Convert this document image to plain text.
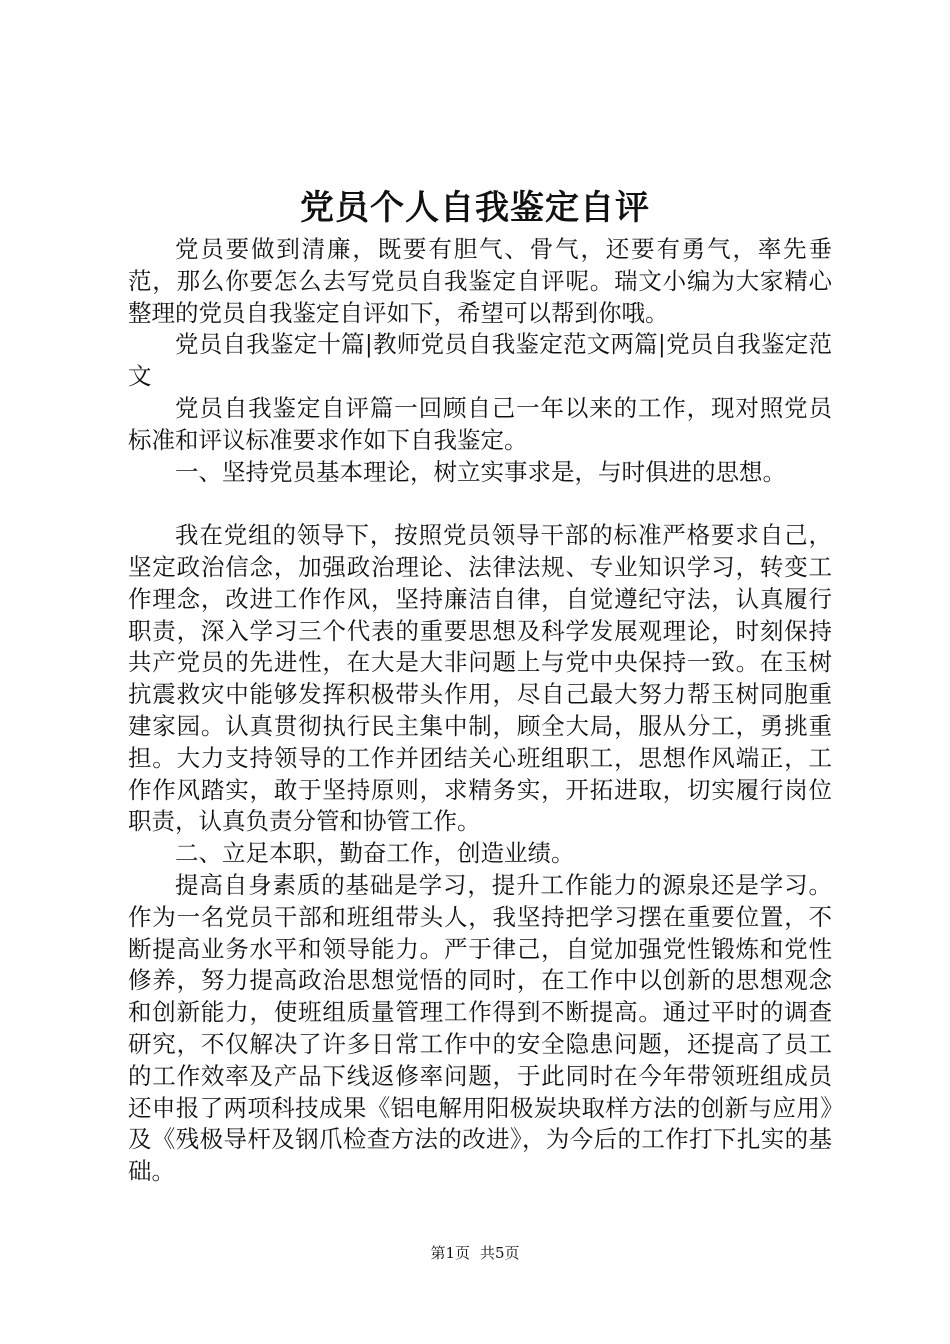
党员个人自我鉴定自评

党员要做到清廉，既要有胆气、骨气，还要有勇气，率先垂范，那么你要怎么去写党员自我鉴定自评呢。瑞文小编为大家精心整理的党员自我鉴定自评如下，希望可以帮到你哦。

党员自我鉴定十篇|教师党员自我鉴定范文两篇|党员自我鉴定范文

党员自我鉴定自评篇一回顾自己一年以来的工作，现对照党员标准和评议标准要求作如下自我鉴定。

一、坚持党员基本理论，树立实事求是，与时俱进的思想。

我在党组的领导下，按照党员领导干部的标准严格要求自己，坚定政治信念，加强政治理论、法律法规、专业知识学习，转变工作理念，改进工作作风，坚持廉洁自律，自觉遵纪守法，认真履行职责，深入学习三个代表的重要思想及科学发展观理论，时刻保持共产党员的先进性，在大是大非问题上与党中央保持一致。在玉树抗震救灾中能够发挥积极带头作用，尽自己最大努力帮玉树同胞重建家园。认真贯彻执行民主集中制，顾全大局，服从分工，勇挑重担。大力支持领导的工作并团结关心班组职工，思想作风端正，工作作风踏实，敢于坚持原则，求精务实，开拓进取，切实履行岗位职责，认真负责分管和协管工作。

二、立足本职，勤奋工作，创造业绩。

提高自身素质的基础是学习，提升工作能力的源泉还是学习。作为一名党员干部和班组带头人，我坚持把学习摆在重要位置，不断提高业务水平和领导能力。严于律己，自觉加强党性锻炼和党性修养，努力提高政治思想觉悟的同时，在工作中以创新的思想观念和创新能力，使班组质量管理工作得到不断提高。通过平时的调查研究，不仅解决了许多日常工作中的安全隐患问题，还提高了员工的工作效率及产品下线返修率问题，于此同时在今年带领班组成员还申报了两项科技成果《铝电解用阳极炭块取样方法的创新与应用》及《残极导杆及钢爪检查方法的改进》，为今后的工作打下扎实的基础。

第1页 共5页
